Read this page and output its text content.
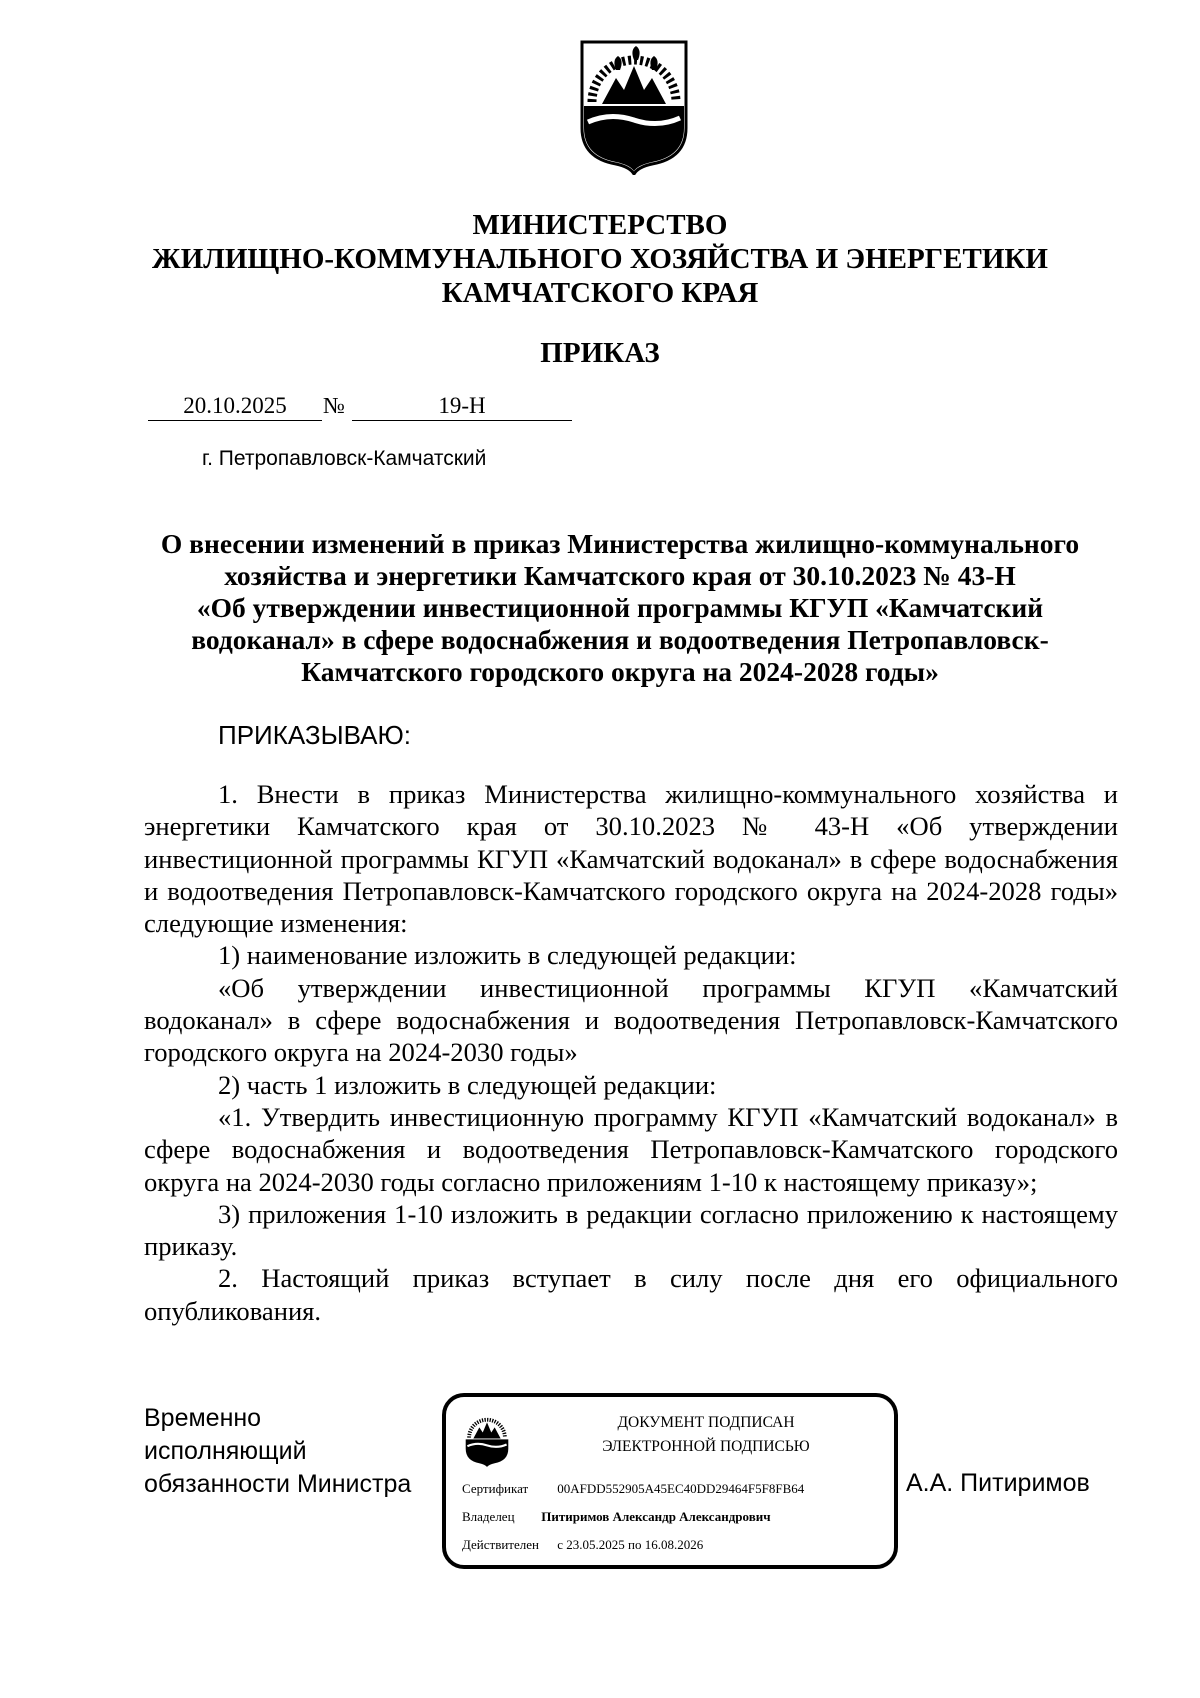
МИНИСТЕРСТВО
ЖИЛИЩНО-КОММУНАЛЬНОГО ХОЗЯЙСТВА И ЭНЕРГЕТИКИ
КАМЧАТСКОГО КРАЯ
ПРИКАЗ
20.10.2025	№	19-Н
г. Петропавловск-Камчатский
О внесении изменений в приказ Министерства жилищно-коммунального
хозяйства и энергетики Камчатского края от 30.10.2023 № 43-Н
«Об утверждении инвестиционной программы КГУП «Камчатский
водоканал» в сфере водоснабжения и водоотведения Петропавловск-
Камчатского городского округа на 2024-2028 годы»
ПРИКАЗЫВАЮ:

1. Внести в приказ Министерства жилищно-коммунального хозяйства и энергетики Камчатского края от 30.10.2023 № 43-Н «Об утверждении инвестиционной программы КГУП «Камчатский водоканал» в сфере водоснабжения и водоотведения Петропавловск-Камчатского городского округа на 2024-2028 годы» следующие изменения:

1) наименование изложить в следующей редакции:

«Об утверждении инвестиционной программы КГУП «Камчатский водоканал» в сфере водоснабжения и водоотведения Петропавловск-Камчатского городского округа на 2024-2030 годы»

2) часть 1 изложить в следующей редакции:

«1. Утвердить инвестиционную программу КГУП «Камчатский водоканал» в сфере водоснабжения и водоотведения Петропавловск-Камчатского городского округа на 2024-2030 годы согласно приложениям 1-10 к настоящему приказу»;

3) приложения 1-10 изложить в редакции согласно приложению к настоящему приказу.

2. Настоящий приказ вступает в силу после дня его официального опубликования.

Временно
исполняющий
обязанности Министра
ДОКУМЕНТ ПОДПИСАН
ЭЛЕКТРОННОЙ ПОДПИСЬЮ
Сертификат 00AFDD552905A45EC40DD29464F5F8FB64
Владелец Питиримов Александр Александрович
Действителен с 23.05.2025 по 16.08.2026
А.А. Питиримов
